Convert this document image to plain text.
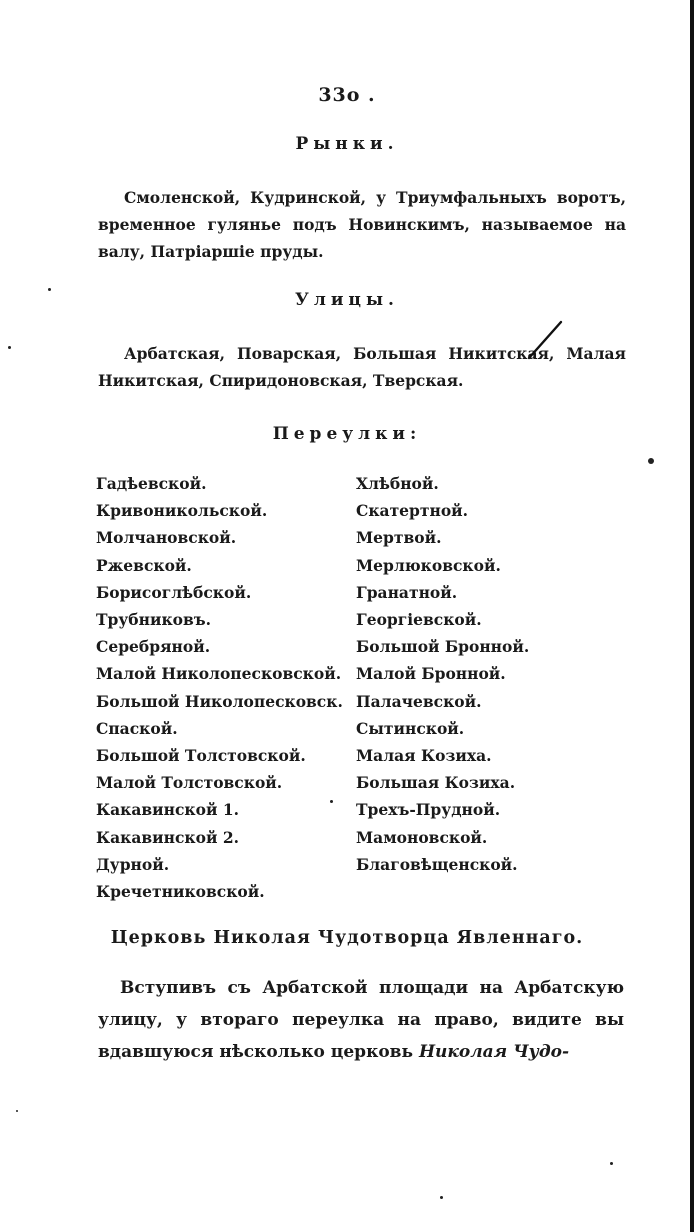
33о .
Рынки.
Смоленской, Кудринской, у Триумфальныхъ воротъ, временное гулянье подъ Новинскимъ, называемое на валу, Патріаршіе пруды.
Улицы.
Арбатская, Поварская, Большая Никитская, Малая Никитская, Спиридоновская, Тверская.
Переулки:
Гадѣевской.
Кривоникольской.
Молчановской.
Ржевской.
Борисоглѣбской.
Трубниковъ.
Серебряной.
Малой Николопесковской.
Большой Николопесковск.
Спаской.
Большой Толстовской.
Малой Толстовской.
Какавинской 1.
Какавинской 2.
Дурной.
Кречетниковской.
Хлѣбной.
Скатертной.
Мертвой.
Мерлюковской.
Гранатной.
Георгіевской.
Большой Бронной.
Малой Бронной.
Палачевской.
Сытинской.
Малая Козиха.
Большая Козиха.
Трехъ-Прудной.
Мамоновской.
Благовѣщенской.
Церковь Николая Чудотворца Явленнаго.
Вступивъ съ Арбатской площади на Арбатскую улицу, у втораго переулка на право, видите вы вдавшуюся нѣсколько церковь Николая Чудо-
